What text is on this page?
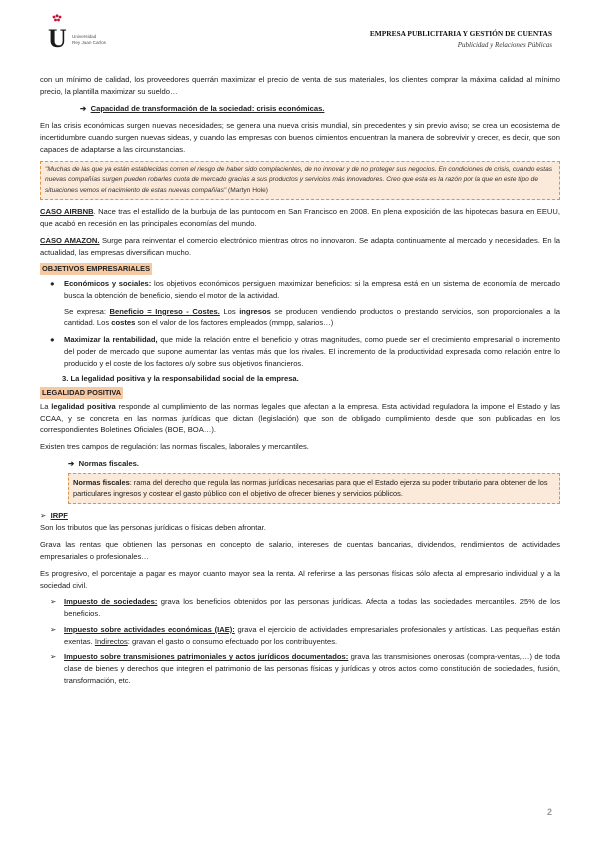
U Universidad
Rey Juan Carlos
EMPRESA PUBLICITARIA Y GESTIÓN DE CUENTAS
Publicidad y Relaciones Públicas

con un mínimo de calidad, los proveedores querrán maximizar el precio de venta de sus materiales, los clientes comprar la máxima calidad al mínimo precio, la plantilla maximizar su sueldo…

➔ Capacidad de transformación de la sociedad: crisis económicas.

En las crisis económicas surgen nuevas necesidades; se genera una nueva crisis mundial, sin precedentes y sin previo aviso; se crea un ecosistema de incertidumbre cuando surgen nuevas sideas, y cuando las empresas con buenos cimientos encuentran la manera de sobrevivir y crecer, es decir, que son capaces de adaptarse a las circunstancias.

"Muchas de las que ya están establecidas corren el riesgo de haber sido complacientes, de no innovar y de no proteger sus negocios. En condiciones de crisis, cuando estas nuevas compañías surgen pueden robarles cuota de mercado gracias a sus productos y servicios más innovadores. Creo que esta es la razón por la que en este tipo de situaciones vemos el nacimiento de estas nuevas compañías" (Martyn Hole)

CASO AIRBNB. Nace tras el estallido de la burbuja de las puntocom en San Francisco en 2008. En plena exposición de las hipotecas basura en EEUU, que acabó en recesión en las principales economías del mundo.

CASO AMAZON. Surge para reinventar el comercio electrónico mientras otros no innovaron. Se adapta continuamente al mercado y necesidades. En la actualidad, las empresas diversifican mucho.

OBJETIVOS EMPRESARIALES
● Económicos y sociales: los objetivos económicos persiguen maximizar beneficios: si la empresa está en un sistema de economía de mercado busca la obtención de beneficio, siendo el motor de la actividad.
Se expresa: Beneficio = Ingreso - Costes. Los ingresos se producen vendiendo productos o prestando servicios, son proporcionales a la cantidad. Los costes son el valor de los factores empleados (mmpp, salarios…)
● Maximizar la rentabilidad, que mide la relación entre el beneficio y otras magnitudes, como puede ser el crecimiento empresarial o incremento del poder de mercado que supone aumentar las ventas más que los rivales. El incremento de la productividad expresada como relación entre lo producido y el coste de los factores o/y sobre sus objetivos financieros.
3. La legalidad positiva y la responsabilidad social de la empresa.
LEGALIDAD POSITIVA

La legalidad positiva responde al cumplimiento de las normas legales que afectan a la empresa. Esta actividad reguladora la impone el Estado y las CCAA, y se concreta en las normas jurídicas que dictan (legislación) que son de obligado cumplimiento desde que son publicadas en los correspondientes Boletines Oficiales (BOE, BOA…).

Existen tres campos de regulación: las normas fiscales, laborales y mercantiles.

➔ Normas fiscales.
Normas fiscales: rama del derecho que regula las normas jurídicas necesarias para que el Estado ejerza su poder tributario para obtener de los particulares ingresos y costear el gasto público con el objetivo de ofrecer bienes y servicios públicos.
➢ IRPF

Son los tributos que las personas jurídicas o físicas deben afrontar.

Grava las rentas que obtienen las personas en concepto de salario, intereses de cuentas bancarias, dividendos, rendimientos de actividades empresariales o profesionales…

Es progresivo, el porcentaje a pagar es mayor cuanto mayor sea la renta. Al referirse a las personas físicas sólo afecta al empresario individual y a la sociedad civil.

➢ Impuesto de sociedades: grava los beneficios obtenidos por las personas jurídicas. Afecta a todas las sociedades mercantiles. 25% de los beneficios.
➢ Impuesto sobre actividades económicas (IAE): grava el ejercicio de actividades empresariales profesionales y artísticas. Las pequeñas están exentas. Indirectos: gravan el gasto o consumo efectuado por los contribuyentes.
➢ Impuesto sobre transmisiones patrimoniales y actos jurídicos documentados: grava las transmisiones onerosas (compra-ventas,…) de toda clase de bienes y derechos que integren el patrimonio de las personas físicas y jurídicas y otros actos como constitución de sociedades, fusión, transformación, etc.
2
